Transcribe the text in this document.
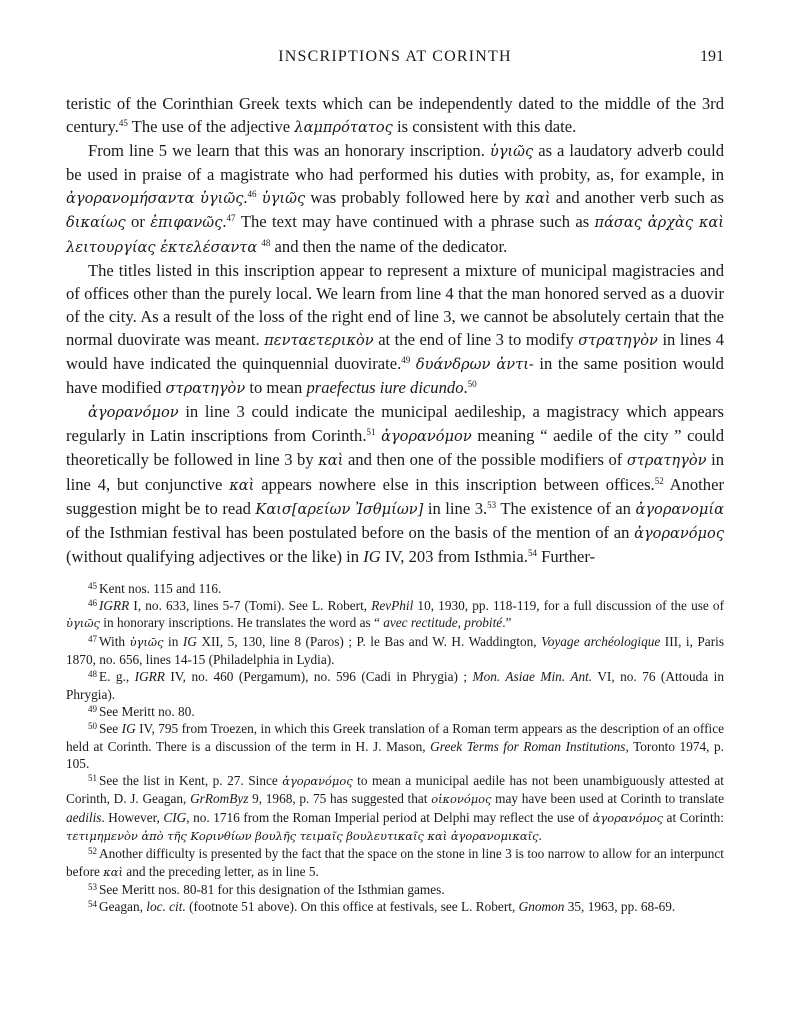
INSCRIPTIONS AT CORINTH	191

teristic of the Corinthian Greek texts which can be independently dated to the middle of the 3rd century.$^{45}$ The use of the adjective λαμπρότατος is consistent with this date.

From line 5 we learn that this was an honorary inscription. ὑγιῶς as a laudatory adverb could be used in praise of a magistrate who had performed his duties with probity, as, for example, in ἀγορανομήσαντα ὑγιῶς.$^{46}$ ὑγιῶς was probably followed here by καὶ and another verb such as δικαίως or ἐπιφανῶς.$^{47}$ The text may have continued with a phrase such as πάσας ἀρχὰς καὶ λειτουργίας ἐκτελέσαντα $^{48}$ and then the name of the dedicator.

The titles listed in this inscription appear to represent a mixture of municipal magistracies and of offices other than the purely local. We learn from line 4 that the man honored served as a duovir of the city. As a result of the loss of the right end of line 3, we cannot be absolutely certain that the normal duovirate was meant. πενταετερικὸν at the end of line 3 to modify στρατηγὸν in lines 4 would have indicated the quinquennial duovirate.$^{49}$ δυάνδρων ἀντι- in the same position would have modified στρατηγὸν to mean praefectus iure dicundo.$^{50}$

ἀγορανόμον in line 3 could indicate the municipal aedileship, a magistracy which appears regularly in Latin inscriptions from Corinth.$^{51}$ ἀγορανόμον meaning “ aedile of the city ” could theoretically be followed in line 3 by καὶ and then one of the possible modifiers of στρατηγὸν in line 4, but conjunctive καὶ appears nowhere else in this inscription between offices.$^{52}$ Another suggestion might be to read Καισ[αρείων Ἰσθμίων] in line 3.53 The existence of an ἀγορανομία of the Isthmian festival has been postulated before on the basis of the mention of an ἀγορανόμος (without qualifying adjectives or the like) in IG IV, 203 from Isthmia.$^{54}$ Further-

$^{45}$ Kent nos. 115 and 116.

$^{46}$ IGRR I, no. 633, lines 5-7 (Tomi). See L. Robert, RevPhil 10, 1930, pp. 118-119, for a full discussion of the use of ὑγιῶς in honorary inscriptions. He translates the word as “ avec rectitude, probité.”

$^{47}$ With ὑγιῶς in IG XII, 5, 130, line 8 (Paros) ; P. le Bas and W. H. Waddington, Voyage archéologique III, i, Paris 1870, no. 656, lines 14-15 (Philadelphia in Lydia).

$^{48}$ E. g., IGRR IV, no. 460 (Pergamum), no. 596 (Cadi in Phrygia) ; Mon. Asiae Min. Ant. VI, no. 76 (Attouda in Phrygia).

$^{49}$ See Meritt no. 80.

$^{50}$ See IG IV, 795 from Troezen, in which this Greek translation of a Roman term appears as the description of an office held at Corinth. There is a discussion of the term in H. J. Mason, Greek Terms for Roman Institutions, Toronto 1974, p. 105.

$^{51}$ See the list in Kent, p. 27. Since ἀγορανόμος to mean a municipal aedile has not been unambiguously attested at Corinth, D. J. Geagan, GrRomByz 9, 1968, p. 75 has suggested that οἰκονόμος may have been used at Corinth to translate aedilis. However, CIG, no. 1716 from the Roman Imperial period at Delphi may reflect the use of ἀγορανόμος at Corinth: τετιμημενὸν ἀπὸ τῆς Κορινθίων βουλῆς τειμαῖς βουλευτικαῖς καὶ ἀγορανομικαῖς.

$^{52}$ Another difficulty is presented by the fact that the space on the stone in line 3 is too narrow to allow for an interpunct before καὶ and the preceding letter, as in line 5.

$^{53}$ See Meritt nos. 80-81 for this designation of the Isthmian games.

$^{54}$ Geagan, loc. cit. (footnote 51 above). On this office at festivals, see L. Robert, Gnomon 35, 1963, pp. 68-69.
